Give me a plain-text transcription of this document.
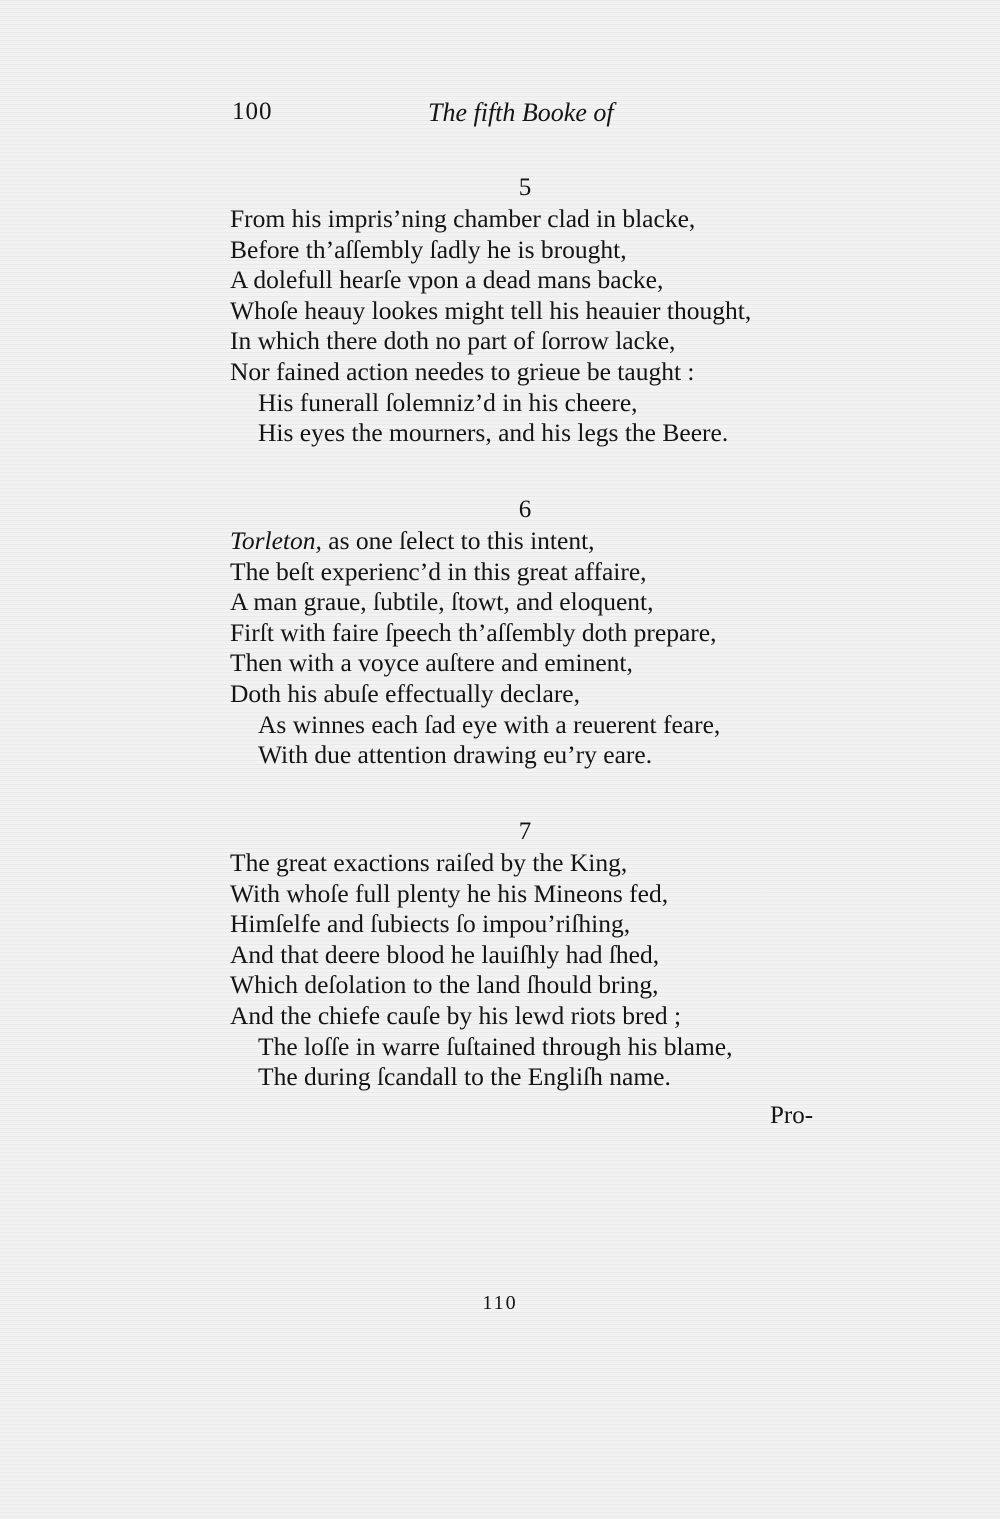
100	The fifth Booke of
5
From his impris’ning chamber clad in blacke,
Before th’aſſembly ſadly he is brought,
A dolefull hearſe vpon a dead mans backe,
Whoſe heauy lookes might tell his heauier thought,
In which there doth no part of ſorrow lacke,
Nor fained action needes to grieue be taught :
His funerall ſolemniz’d in his cheere,
His eyes the mourners, and his legs the Beere.
6
Torleton, as one ſelect to this intent,
The beſt experienc’d in this great affaire,
A man graue, ſubtile, ſtowt, and eloquent,
Firſt with faire ſpeech th’aſſembly doth prepare,
Then with a voyce auſtere and eminent,
Doth his abuſe effectually declare,
As winnes each ſad eye with a reuerent feare,
With due attention drawing eu’ry eare.
7
The great exactions raiſed by the King,
With whoſe full plenty he his Mineons fed,
Himſelfe and ſubiects ſo impou’riſhing,
And that deere blood he lauiſhly had ſhed,
Which deſolation to the land ſhould bring,
And the chiefe cauſe by his lewd riots bred ;
The loſſe in warre ſuſtained through his blame,
The during ſcandall to the Engliſh name.
Pro-
110
